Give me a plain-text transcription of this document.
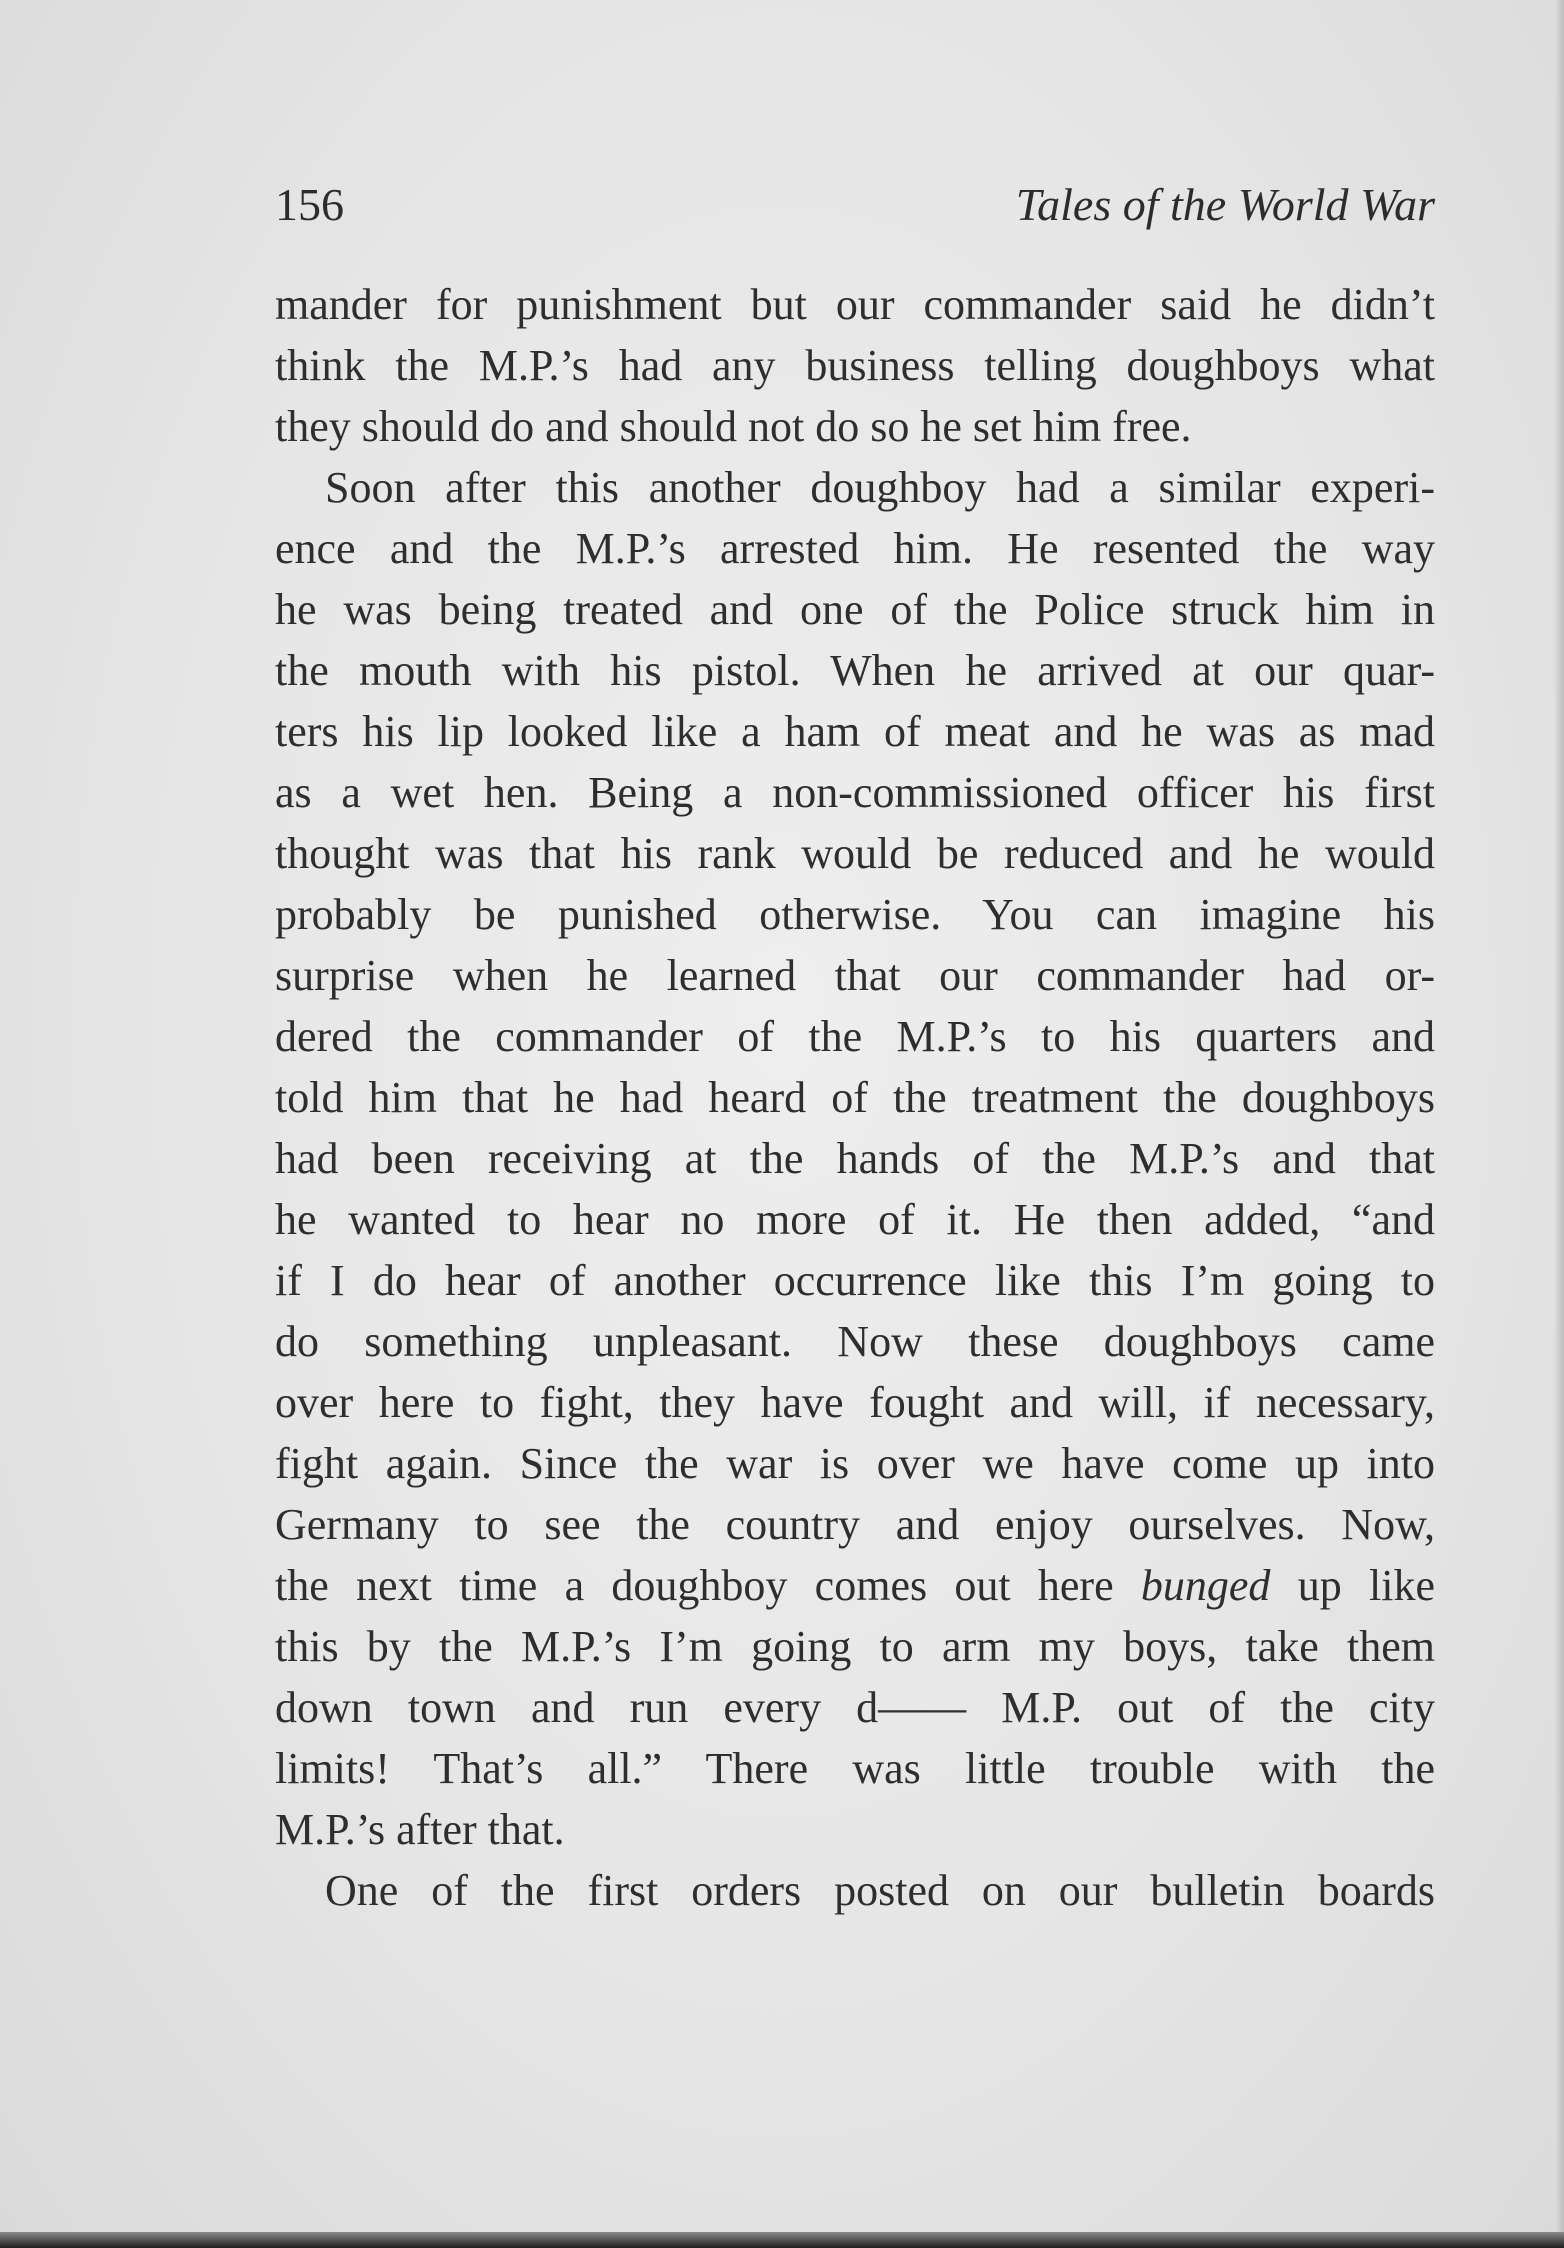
156	Tales of the World War
mander for punishment but our commander said he didn’t
think the M.P.’s had any business telling doughboys what
they should do and should not do so he set him free.
Soon after this another doughboy had a similar experi-
ence and the M.P.’s arrested him. He resented the way
he was being treated and one of the Police struck him in
the mouth with his pistol. When he arrived at our quar-
ters his lip looked like a ham of meat and he was as mad
as a wet hen. Being a non-commissioned officer his first
thought was that his rank would be reduced and he would
probably be punished otherwise. You can imagine his
surprise when he learned that our commander had or-
dered the commander of the M.P.’s to his quarters and
told him that he had heard of the treatment the doughboys
had been receiving at the hands of the M.P.’s and that
he wanted to hear no more of it. He then added, “and
if I do hear of another occurrence like this I’m going to
do something unpleasant. Now these doughboys came
over here to fight, they have fought and will, if necessary,
fight again. Since the war is over we have come up into
Germany to see the country and enjoy ourselves. Now,
the next time a doughboy comes out here bunged up like
this by the M.P.’s I’m going to arm my boys, take them
down town and run every d—— M.P. out of the city
limits! That’s all.” There was little trouble with the
M.P.’s after that.
One of the first orders posted on our bulletin boards
